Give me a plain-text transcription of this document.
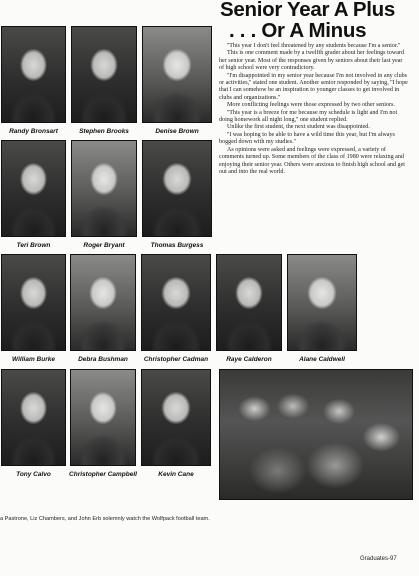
Senior Year A Plus
. . . Or A Minus
Randy Bronsart	Stephen Brooks	Denise Brown
Teri Brown	Roger Bryant	Thomas Burgess
William Burke	Debra Bushman	Christopher Cadman	Raye Calderon	Alane Caldwell
Tony Calvo	Christopher Campbell	Kevin Cane

''This year I don't feel threatened by any students because I'm a senior.''

This is one comment made by a twelfth grader about her feelings toward her senior year. Most of the responses given by seniors about their last year of high school were very contradictory.

''I'm disappointed in my senior year because I'm not involved in any clubs or activities,'' stated one student. Another senior responded by saying, ''I hope that I can somehow be an inspiration to younger classes to get involved in clubs and organizations.''

More conflicting feelings were those expressed by two other seniors.

''This year is a breeze for me because my schedule is light and I'm not doing homework all night long,'' one student replied.

Unlike the first student, the next student was disappointed.

''I was hoping to be able to have a wild time this year, but I'm always bogged down with my studies.''

As opinions were asked and feelings were expressed, a variety of comments turned up. Some members of the class of 1980 were relaxing and enjoying their senior year. Others were anxious to finish high school and get out and into the real world.

a Pastrone, Liz Chambers, and John Erb solemnly watch the Wolfpack football team.
Graduates-97
